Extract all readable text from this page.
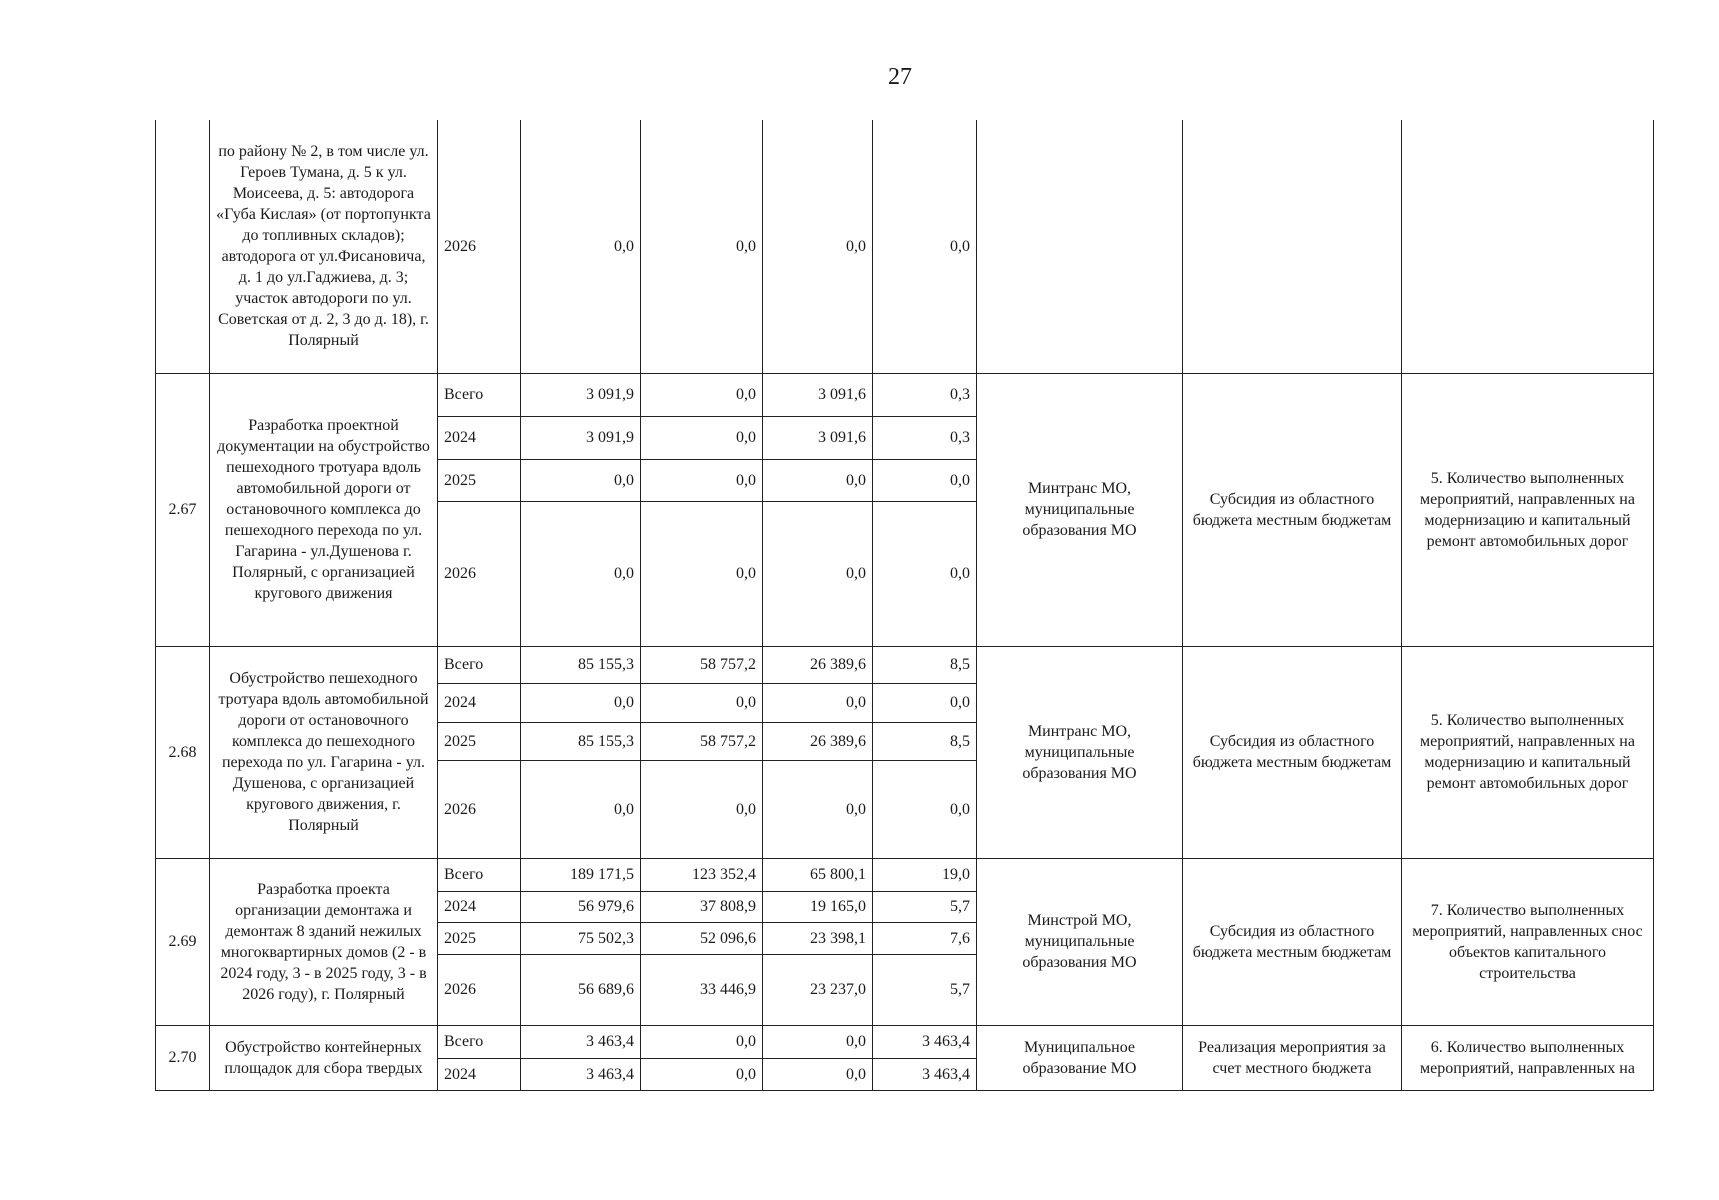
27
	по району № 2, в том числе ул. Героев Тумана, д. 5 к ул. Моисеева, д. 5: автодорога «Губа Кислая» (от портопункта до топливных складов); автодорога от ул.Фисановича, д. 1 до ул.Гаджиева, д. 3; участок автодороги по ул. Советская от д. 2, 3 до д. 18), г. Полярный	2026	0,0	0,0	0,0	0,0			
2.67	Разработка проектной документации на обустройство пешеходного тротуара вдоль автомобильной дороги от остановочного комплекса до пешеходного перехода по ул. Гагарина - ул.Душенова г. Полярный, с организацией кругового движения	Всего	3 091,9	0,0	3 091,6	0,3	Минтранс МО, муниципальные образования МО	Субсидия из областного бюджета местным бюджетам	5. Количество выполненных мероприятий, направленных на модернизацию и капитальный ремонт автомобильных дорог
		2024	3 091,9	0,0	3 091,6	0,3			
		2025	0,0	0,0	0,0	0,0			
		2026	0,0	0,0	0,0	0,0			
2.68	Обустройство пешеходного тротуара вдоль автомобильной дороги от остановочного комплекса до пешеходного перехода по ул. Гагарина - ул. Душенова, с организацией кругового движения, г. Полярный	Всего	85 155,3	58 757,2	26 389,6	8,5	Минтранс МО, муниципальные образования МО	Субсидия из областного бюджета местным бюджетам	5. Количество выполненных мероприятий, направленных на модернизацию и капитальный ремонт автомобильных дорог
		2024	0,0	0,0	0,0	0,0			
		2025	85 155,3	58 757,2	26 389,6	8,5			
		2026	0,0	0,0	0,0	0,0			
2.69	Разработка проекта организации демонтажа и демонтаж 8 зданий нежилых многоквартирных домов (2 - в 2024 году, 3 - в 2025 году, 3 - в 2026 году), г. Полярный	Всего	189 171,5	123 352,4	65 800,1	19,0	Минстрой МО, муниципальные образования МО	Субсидия из областного бюджета местным бюджетам	7. Количество выполненных мероприятий, направленных снос объектов капитального строительства
		2024	56 979,6	37 808,9	19 165,0	5,7			
		2025	75 502,3	52 096,6	23 398,1	7,6			
		2026	56 689,6	33 446,9	23 237,0	5,7			
2.70	Обустройство контейнерных площадок для сбора твердых	Всего	3 463,4	0,0	0,0	3 463,4	Муниципальное образование МО	Реализация мероприятия за счет местного бюджета	6. Количество выполненных мероприятий, направленных на
		2024	3 463,4	0,0	0,0	3 463,4			
